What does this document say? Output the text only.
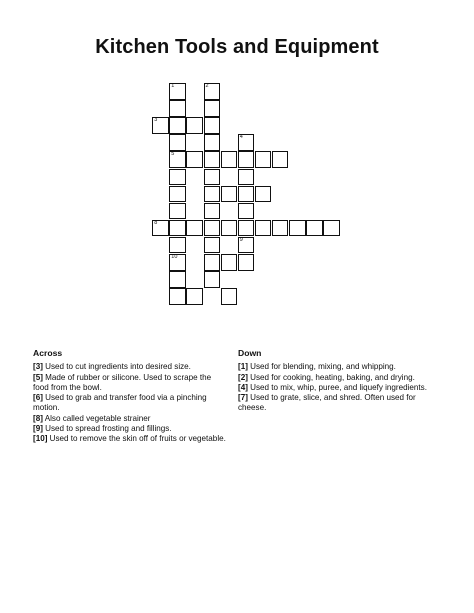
Kitchen Tools and Equipment
1
5
10
2
3
4
9
8
Across

[3] Used to cut ingredients into desired size.

[5] Made of rubber or silicone. Used to scrape the food from the bowl.

[6] Used to grab and transfer food via a pinching motion.

[8] Also called vegetable strainer

[9] Used to spread frosting and fillings.

[10] Used to remove the skin off of fruits or vegetable.

Down

[1] Used for blending, mixing, and whipping.

[2] Used for cooking, heating, baking, and drying.

[4] Used to mix, whip, puree, and liquefy ingredients.

[7] Used to grate, slice, and shred. Often used for cheese.
